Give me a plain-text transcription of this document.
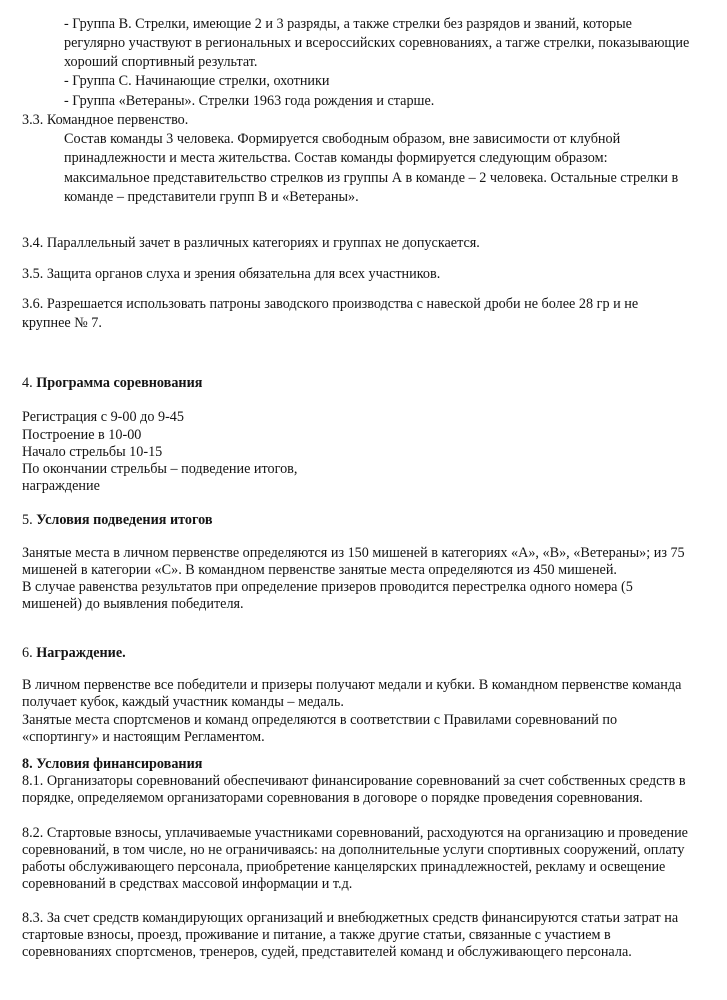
- Группа В. Стрелки, имеющие 2 и 3 разряды, а также стрелки без разрядов и званий, которые
регулярно участвуют в региональных и всероссийских соревнованиях, а тагже стрелки, показывающие
хороший спортивный результат.
- Группа С. Начинающие стрелки, охотники
- Группа «Ветераны». Стрелки 1963 года рождения и старше.
3.3. Командное первенство.
Состав команды 3 человека. Формируется свободным образом, вне зависимости от клубной
принадлежности и места жительства. Состав команды формируется следующим образом:
максимальное представительство стрелков из группы А в команде – 2 человека. Остальные стрелки в
команде – представители групп В и «Ветераны».
3.4. Параллельный зачет в различных категориях и группах не допускается.
3.5. Защита органов слуха и зрения обязательна для всех участников.
3.6. Разрешается использовать патроны заводского производства с навеской дроби не более 28 гр и не
крупнее № 7.
4. Программа соревнования
Регистрация с 9-00 до 9-45
Построение в 10-00
Начало стрельбы 10-15
По окончании стрельбы – подведение итогов,
награждение
5. Условия подведения итогов
Занятые места в личном первенстве определяются из 150 мишеней в категориях «А», «В», «Ветераны»; из 75
мишеней в категории «С». В командном первенстве занятые места определяются из 450 мишеней.
В случае равенства результатов при определение призеров проводится перестрелка одного номера (5
мишеней) до выявления победителя.
6. Награждение.
В личном первенстве все победители и призеры получают медали и кубки. В командном первенстве команда
получает кубок, каждый участник команды – медаль.
Занятые места спортсменов и команд определяются в соответствии с Правилами соревнований по
«спортингу» и настоящим Регламентом.
8. Условия финансирования
8.1. Организаторы соревнований обеспечивают финансирование соревнований за счет собственных средств в
порядке, определяемом организаторами соревнования в договоре о порядке проведения соревнования.
8.2. Стартовые взносы, уплачиваемые участниками соревнований, расходуются на организацию и проведение
соревнований, в том числе, но не ограничиваясь: на дополнительные услуги спортивных сооружений, оплату
работы обслуживающего персонала, приобретение канцелярских принадлежностей, рекламу и освещение
соревнований в средствах массовой информации и т.д.
8.3. За счет средств командирующих организаций и внебюджетных средств финансируются статьи затрат на
стартовые взносы, проезд, проживание и питание, а также другие статьи, связанные с участием в
соревнованиях спортсменов, тренеров, судей, представителей команд и обслуживающего персонала.
